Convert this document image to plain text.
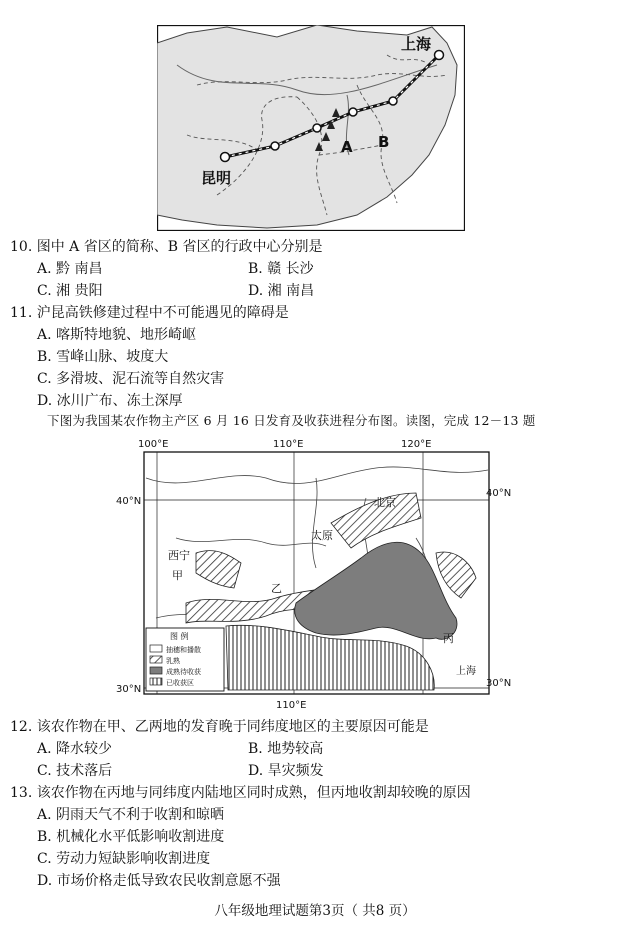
上海
昆明
A B
10. 图中 A 省区的简称、B 省区的行政中心分别是
A. 黔 南昌	B. 赣 长沙
C. 湘 贵阳	D. 湘 南昌
11. 沪昆高铁修建过程中不可能遇见的障碍是
A. 喀斯特地貌、地形崎岖
B. 雪峰山脉、坡度大
C. 多滑坡、泥石流等自然灾害
D. 冰川广布、冻土深厚
下图为我国某农作物主产区 6 月 16 日发育及收获进程分布图。读图，完成 12－13 题
100°E	110°E	120°E
40°N
40°N
30°N
30°N
110°E
北京
太原
西宁
甲
乙
丙
上海
图 例
抽穗和播散
乳熟
成熟待收获
已收获区
12. 该农作物在甲、乙两地的发育晚于同纬度地区的主要原因可能是
A. 降水较少	B. 地势较高
C. 技术落后	D. 旱灾频发
13. 该农作物在丙地与同纬度内陆地区同时成熟，但丙地收割却较晚的原因
A. 阴雨天气不利于收割和晾晒
B. 机械化水平低影响收割进度
C. 劳动力短缺影响收割进度
D. 市场价格走低导致农民收割意愿不强
八年级地理试题第3页（ 共8 页）
